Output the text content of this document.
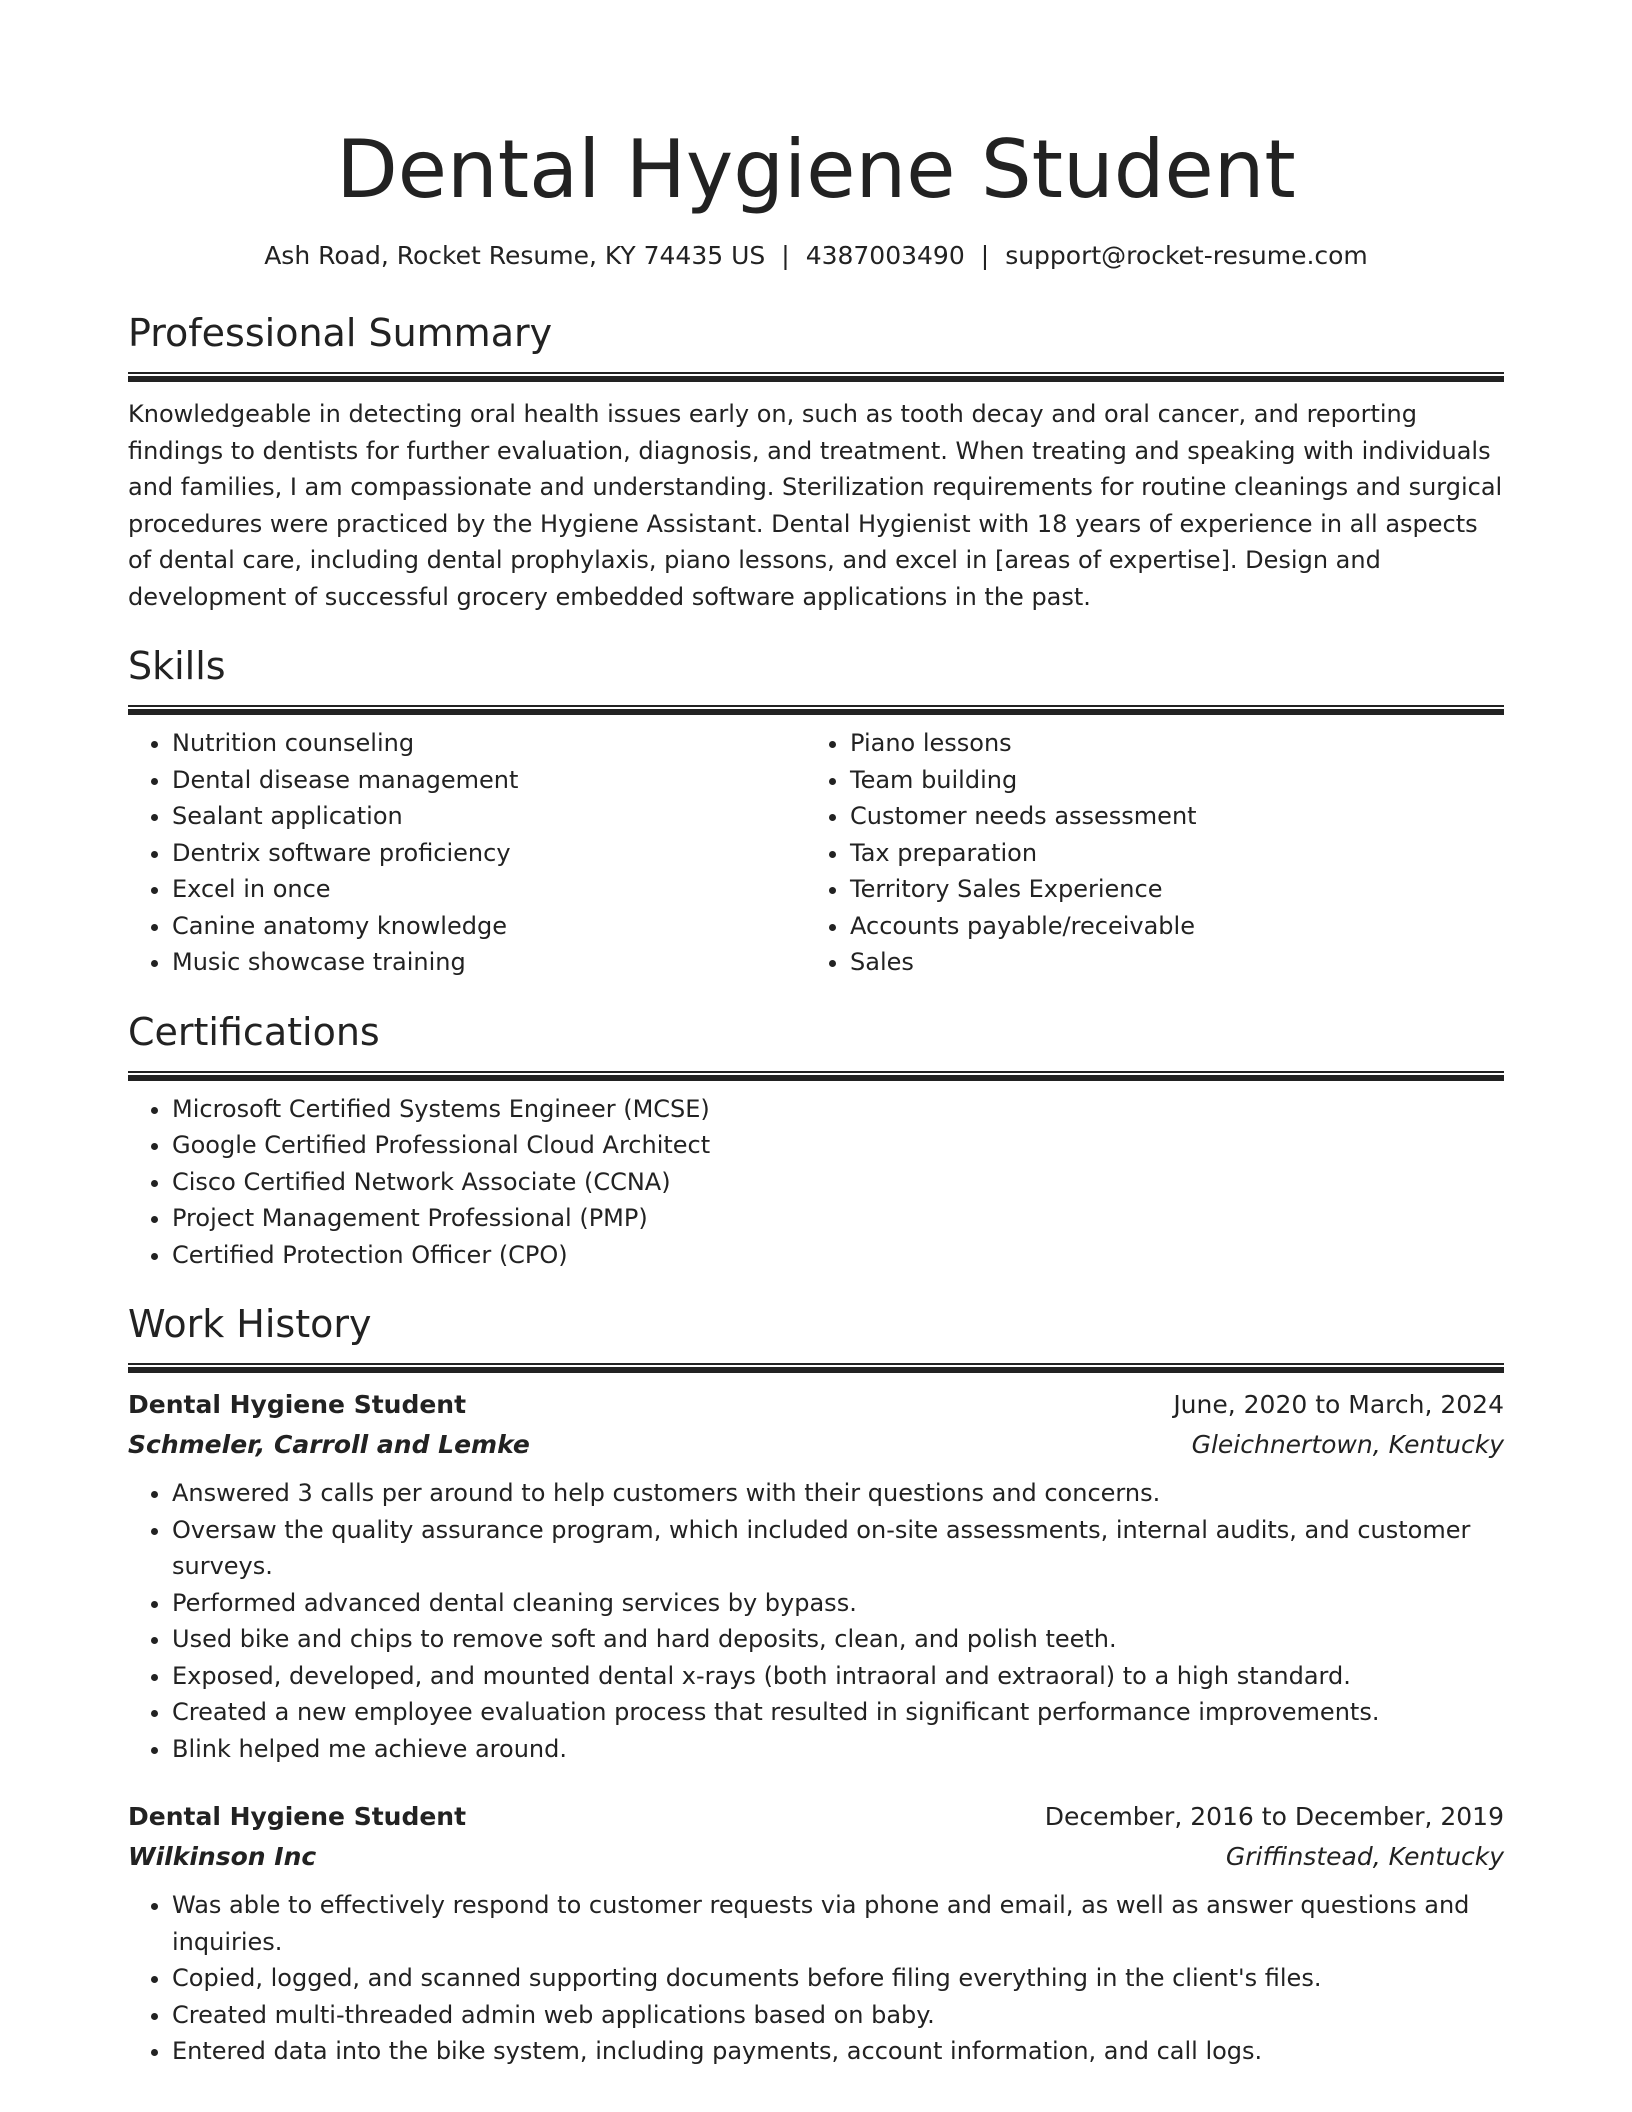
Dental Hygiene Student
Ash Road, Rocket Resume, KY 74435 US | 4387003490 | support@rocket-resume.com
Professional Summary

Knowledgeable in detecting oral health issues early on, such as tooth decay and oral cancer, and reporting findings to dentists for further evaluation, diagnosis, and treatment. When treating and speaking with individuals and families, I am compassionate and understanding. Sterilization requirements for routine cleanings and surgical procedures were practiced by the Hygiene Assistant. Dental Hygienist with 18 years of experience in all aspects of dental care, including dental prophylaxis, piano lessons, and excel in [areas of expertise]. Design and development of successful grocery embedded software applications in the past.

Skills
• Nutrition counseling
• Dental disease management
• Sealant application
• Dentrix software proficiency
• Excel in once
• Canine anatomy knowledge
• Music showcase training
• Piano lessons
• Team building
• Customer needs assessment
• Tax preparation
• Territory Sales Experience
• Accounts payable/receivable
• Sales
Certifications
• Microsoft Certified Systems Engineer (MCSE)
• Google Certified Professional Cloud Architect
• Cisco Certified Network Associate (CCNA)
• Project Management Professional (PMP)
• Certified Protection Officer (CPO)
Work History
Dental Hygiene Student	June, 2020 to March, 2024
Schmeler, Carroll and Lemke	Gleichnertown, Kentucky
• Answered 3 calls per around to help customers with their questions and concerns.
• Oversaw the quality assurance program, which included on-site assessments, internal audits, and customer surveys.
• Performed advanced dental cleaning services by bypass.
• Used bike and chips to remove soft and hard deposits, clean, and polish teeth.
• Exposed, developed, and mounted dental x-rays (both intraoral and extraoral) to a high standard.
• Created a new employee evaluation process that resulted in significant performance improvements.
• Blink helped me achieve around.
Dental Hygiene Student	December, 2016 to December, 2019
Wilkinson Inc	Griffinstead, Kentucky
• Was able to effectively respond to customer requests via phone and email, as well as answer questions and inquiries.
• Copied, logged, and scanned supporting documents before filing everything in the client's files.
• Created multi-threaded admin web applications based on baby.
• Entered data into the bike system, including payments, account information, and call logs.
